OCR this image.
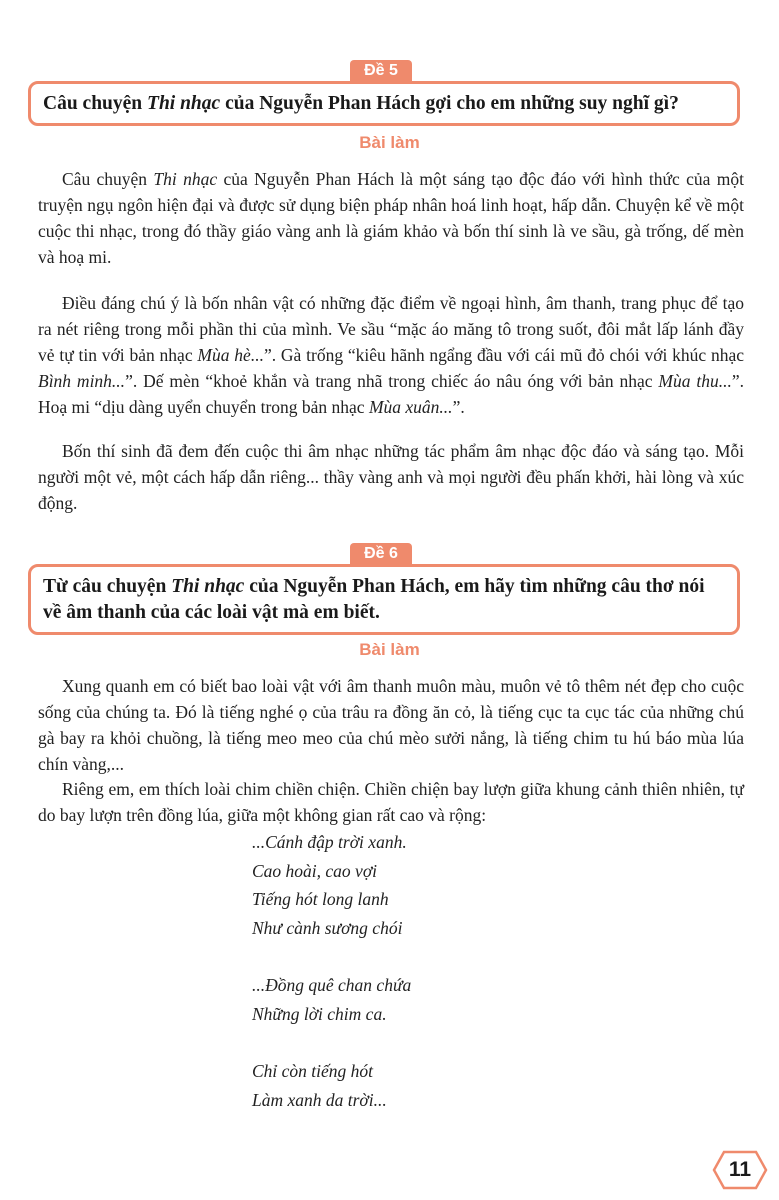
Đề 5
Câu chuyện Thi nhạc của Nguyễn Phan Hách gợi cho em những suy nghĩ gì?
Bài làm

Câu chuyện Thi nhạc của Nguyễn Phan Hách là một sáng tạo độc đáo với hình thức của một truyện ngụ ngôn hiện đại và được sử dụng biện pháp nhân hoá linh hoạt, hấp dẫn. Chuyện kể về một cuộc thi nhạc, trong đó thầy giáo vàng anh là giám khảo và bốn thí sinh là ve sầu, gà trống, dế mèn và hoạ mi.

Điều đáng chú ý là bốn nhân vật có những đặc điểm về ngoại hình, âm thanh, trang phục để tạo ra nét riêng trong mỗi phần thi của mình. Ve sầu “mặc áo măng tô trong suốt, đôi mắt lấp lánh đầy vẻ tự tin với bản nhạc Mùa hè...”. Gà trống “kiêu hãnh ngẩng đầu với cái mũ đỏ chói với khúc nhạc Bình minh...”. Dế mèn “khoẻ khắn và trang nhã trong chiếc áo nâu óng với bản nhạc Mùa thu...”. Hoạ mi “dịu dàng uyển chuyển trong bản nhạc Mùa xuân...”.

Bốn thí sinh đã đem đến cuộc thi âm nhạc những tác phẩm âm nhạc độc đáo và sáng tạo. Mỗi người một vẻ, một cách hấp dẫn riêng... thầy vàng anh và mọi người đều phấn khởi, hài lòng và xúc động.

Đề 6
Từ câu chuyện Thi nhạc của Nguyễn Phan Hách, em hãy tìm những câu thơ nói về âm thanh của các loài vật mà em biết.
Bài làm

Xung quanh em có biết bao loài vật với âm thanh muôn màu, muôn vẻ tô thêm nét đẹp cho cuộc sống của chúng ta. Đó là tiếng nghé ọ của trâu ra đồng ăn cỏ, là tiếng cục ta cục tác của những chú gà bay ra khỏi chuồng, là tiếng meo meo của chú mèo sưởi nắng, là tiếng chim tu hú báo mùa lúa chín vàng,...

Riêng em, em thích loài chim chiền chiện. Chiền chiện bay lượn giữa khung cảnh thiên nhiên, tự do bay lượn trên đồng lúa, giữa một không gian rất cao và rộng:

...Cánh đập trời xanh.
Cao hoài, cao vợi
Tiếng hót long lanh
Như cành sương chói
...Đồng quê chan chứa
Những lời chim ca.
Chỉ còn tiếng hót
Làm xanh da trời...
11
